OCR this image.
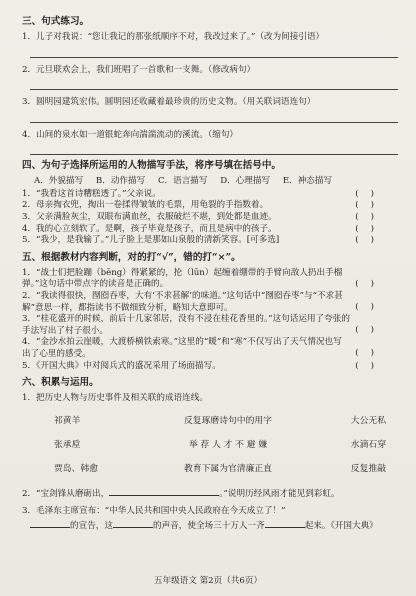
三、句式练习。
1．儿子对我说：“您让我记的那张纸顺序不对，我改过来了。”（改为间接引语）
2．元旦联欢会上，我们班唱了一首歌和一支舞。（修改病句）
3．圆明园建筑宏伟。圆明园还收藏着最珍贵的历史文物。（用关联词语连句）
4．山间的泉水如一道银蛇奔向湍湍流动的溪流。（缩句）
四、为句子选择所运用的人物描写手法，将序号填在括号中。
A．外貌描写 B．动作描写 C．语言描写 D．心理描写 E．神态描写
1．“我看这首诗糟糕透了。”父亲说。	()
2．母亲掏衣兜，掏出一卷揉得皱皱的毛票，用龟裂的手指数着。	()
3．父亲满脸灰尘，双眼布满血丝，衣服破烂不堪，到处都是血迹。	()
4．我的心立刻软了。是啊，孩子毕竟是孩子，而且是病中的孩子。	()
5．“我少，是我输了。”儿子脸上是那如山泉般的清新笑容。[可多选]	()
五、根据教材内容判断，对的打“√”，错的打“×”。
1．“战士们把脸蹦（bēng）得紧紧的，抡（lūn）起缠着绷带的手臂向敌人扔出手榴弹。”这句话中带点字的读音是正确的。	()
2．“我读得很快，囫囵吞枣，大有‘不求甚解’的味道。”这句话中“囫囵吞枣”与“不求甚解”意思一样，都指读书不做细致分析，略知大意即可。	()
3．“桂花盛开的时候，前后十几家邻居，没有不浸在桂花香里的。”这句话运用了夸张的手法写出了村子很小。	()
4．“金沙水拍云崖暖，大渡桥横铁索寒。”这里的“暖”和“寒”不仅写出了天气情况也写出了心里的感受。	()
5．《开国大典》中对阅兵式的盛况采用了场面描写。	()
六、积累与运用。
1．把历史人物与历史事件及相关联的成语连线。
祁黄羊	反复琢磨诗句中的用字	大公无私
张承垕	举 荐 人 才 不 避 嫌	水滴石穿
贾岛、韩愈	教育下属为官清廉正直	反复推敲
2．“宝剑锋从磨砺出，	。”说明历经风雨才能见到彩虹。
3．毛泽东主席宣布：“中华人民共和国中央人民政府在今天成立了！”
的宣告，这	的声音，使全场三十万人一齐	起来。《开国大典》
五年级语文 第2页（共6页）
